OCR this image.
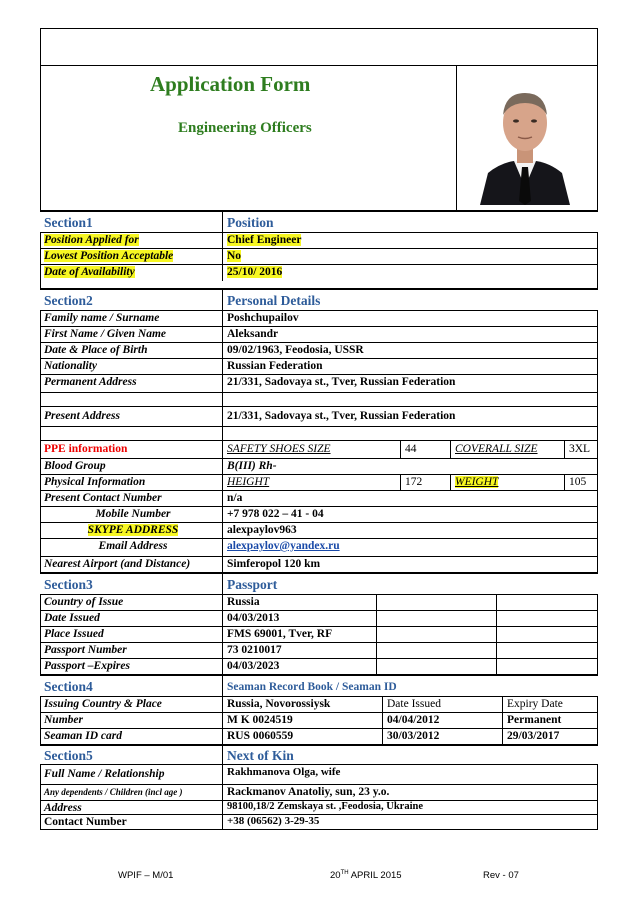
Application Form
Engineering Officers
Section1	Position
Position Applied for	Chief Engineer
Lowest Position Acceptable	No
Date of Availability	25/10/ 2016
Section2	Personal Details
Family name / Surname	Poshchupailov
First Name / Given Name	Aleksandr
Date & Place of Birth	09/02/1963, Feodosia, USSR
Nationality	Russian Federation
Permanent Address	21/331, Sadovaya st., Tver, Russian Federation
Present Address	21/331, Sadovaya st., Tver, Russian Federation
PPE information	SAFETY SHOES SIZE	44	COVERALL SIZE	3XL
Blood Group	B(III) Rh-
Physical Information	HEIGHT	172	WEIGHT	105
Present Contact Number	n/a
Mobile Number	+7 978 022 – 41 - 04
SKYPE ADDRESS	alexpaylov963
Email Address	alexpaylov@yandex.ru
Nearest Airport (and Distance)	Simferopol 120 km
Section3	Passport
Country of Issue	Russia
Date Issued	04/03/2013
Place Issued	FMS 69001, Tver, RF
Passport Number	73 0210017
Passport –Expires	04/03/2023
Section4	Seaman Record Book / Seaman ID
Issuing Country & Place	Russia, Novorossiysk	Date Issued	Expiry Date
Number	M K 0024519	04/04/2012	Permanent
Seaman ID card	RUS 0060559	30/03/2012	29/03/2017
Section5	Next of Kin
Full Name / Relationship	Rakhmanova Olga, wife
Any dependents / Children (incl age )	Rackmanov Anatoliy, sun, 23 y.o.
Address	98100,18/2 Zemskaya st. ,Feodosia, Ukraine
Contact Number	+38 (06562) 3-29-35
WPIF – M/01	20TH APRIL 2015	Rev - 07
